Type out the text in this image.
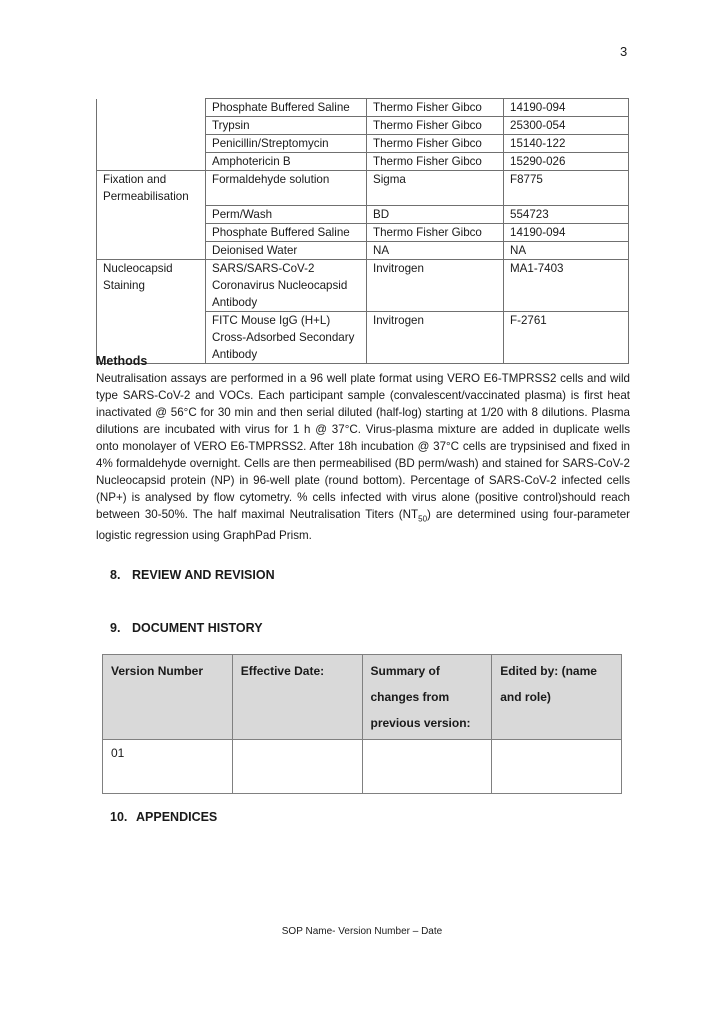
3
	Phosphate Buffered Saline	Thermo Fisher Gibco	14190-094
	Trypsin	Thermo Fisher Gibco	25300-054
	Penicillin/Streptomycin	Thermo Fisher Gibco	15140-122
	Amphotericin B	Thermo Fisher Gibco	15290-026
Fixation and Permeabilisation	Formaldehyde solution	Sigma	F8775
	Perm/Wash	BD	554723
	Phosphate Buffered Saline	Thermo Fisher Gibco	14190-094
	Deionised Water	NA	NA
Nucleocapsid Staining	SARS/SARS-CoV-2 Coronavirus Nucleocapsid Antibody	Invitrogen	MA1-7403
	FITC Mouse IgG (H+L) Cross-Adsorbed Secondary Antibody	Invitrogen	F-2761
Methods

Neutralisation assays are performed in a 96 well plate format using VERO E6-TMPRSS2 cells and wild type SARS-CoV-2 and VOCs. Each participant sample (convalescent/vaccinated plasma) is first heat inactivated @ 56°C for 30 min and then serial diluted (half-log) starting at 1/20 with 8 dilutions. Plasma dilutions are incubated with virus for 1 h @ 37°C. Virus-plasma mixture are added in duplicate wells onto monolayer of VERO E6-TMPRSS2. After 18h incubation @ 37°C cells are trypsinised and fixed in 4% formaldehyde overnight. Cells are then permeabilised (BD perm/wash) and stained for SARS-CoV-2 Nucleocapsid protein (NP) in 96-well plate (round bottom). Percentage of SARS-CoV-2 infected cells (NP+) is analysed by flow cytometry. % cells infected with virus alone (positive control)should reach between 30-50%. The half maximal Neutralisation Titers $(NT_{50})$ are determined using four-parameter logistic regression using GraphPad Prism.

8. REVIEW AND REVISION
9. DOCUMENT HISTORY
Version Number	Effective Date:	Summary of changes from previous version:	Edited by: (name and role)
01			
10. APPENDICES
SOP Name- Version Number – Date
